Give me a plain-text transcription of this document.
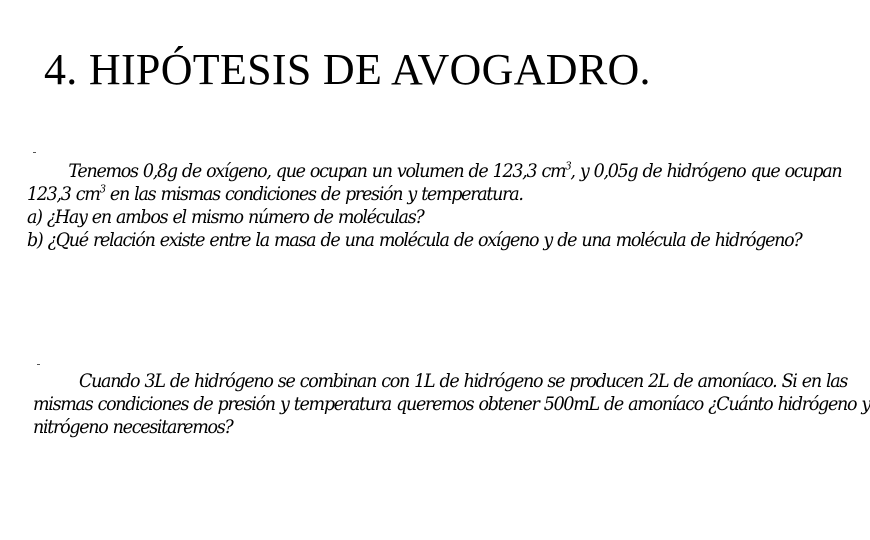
4. HIPÓTESIS DE AVOGADRO.

Tenemos 0,8g de oxígeno, que ocupan un volumen de 123,3 $cm^3$, y 0,05g de hidrógeno que ocupan

123,3 $cm^3$ en las mismas condiciones de presión y temperatura.

a) ¿Hay en ambos el mismo número de moléculas?

b) ¿Qué relación existe entre la masa de una molécula de oxígeno y de una molécula de hidrógeno?

Cuando 3L de hidrógeno se combinan con 1L de hidrógeno se producen 2L de amoníaco. Si en las

mismas condiciones de presión y temperatura queremos obtener 500mL de amoníaco ¿Cuánto hidrógeno y

nitrógeno necesitaremos?
